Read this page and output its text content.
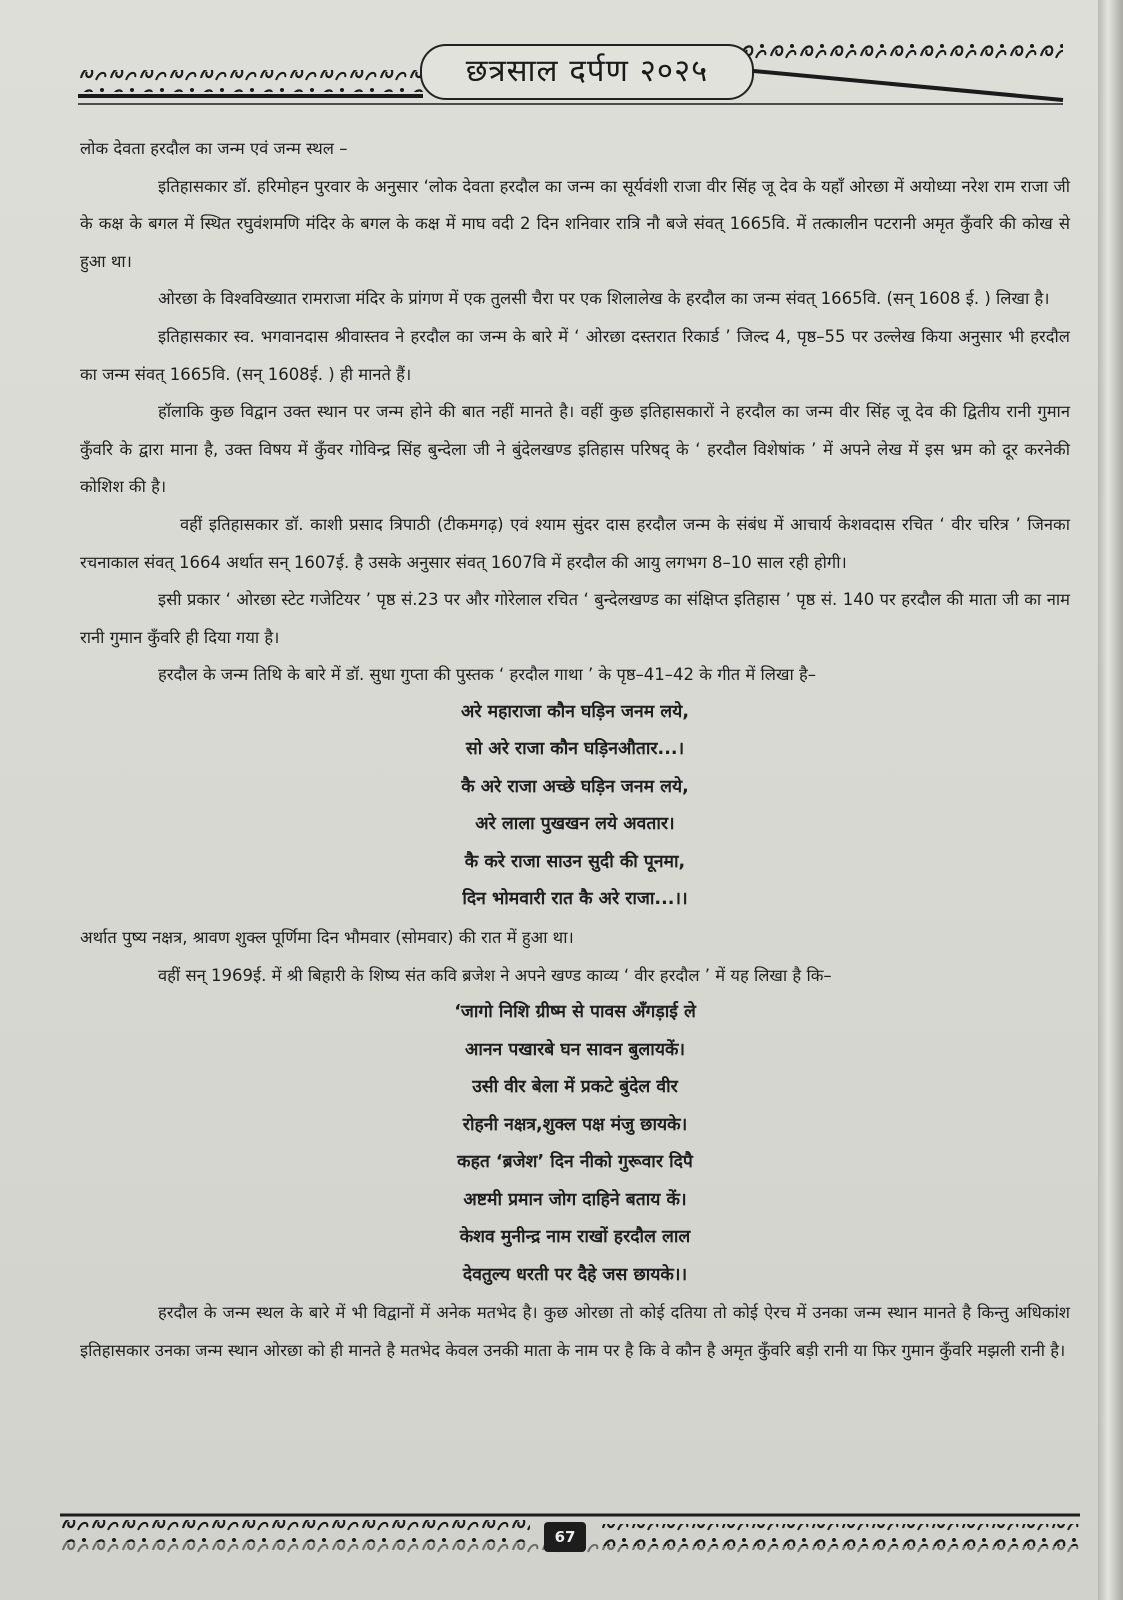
छत्रसाल दर्पण २०२५

लोक देवता हरदौल का जन्म एवं जन्म स्थल –

इतिहासकार डॉ. हरिमोहन पुरवार के अनुसार ‘लोक देवता हरदौल का जन्म का सूर्यवंशी राजा वीर सिंह जू देव के यहाँ ओरछा में अयोध्या नरेश राम राजा जी के कक्ष के बगल में स्थित रघुवंशमणि मंदिर के बगल के कक्ष में माघ वदी 2 दिन शनिवार रात्रि नौ बजे संवत् 1665वि. में तत्कालीन पटरानी अमृत कुँवरि की कोख से हुआ था।

ओरछा के विश्वविख्यात रामराजा मंदिर के प्रांगण में एक तुलसी चैरा पर एक शिलालेख के हरदौल का जन्म संवत् 1665वि. (सन् 1608 ई. ) लिखा है।

इतिहासकार स्व. भगवानदास श्रीवास्तव ने हरदौल का जन्म के बारे में ‘ ओरछा दस्तरात रिकार्ड ’ जिल्द 4, पृष्ठ–55 पर उल्लेख किया अनुसार भी हरदौल का जन्म संवत् 1665वि. (सन् 1608ई. ) ही मानते हैं।

हॉलाकि कुछ विद्वान उक्त स्थान पर जन्म होने की बात नहीं मानते है। वहीं कुछ इतिहासकारों ने हरदौल का जन्म वीर सिंह जू देव की द्वितीय रानी गुमान कुँवरि के द्वारा माना है, उक्त विषय में कुँवर गोविन्द्र सिंह बुन्देला जी ने बुंदेलखण्ड इतिहास परिषद् के ‘ हरदौल विशेषांक ’ में अपने लेख में इस भ्रम को दूर करनेकी कोशिश की है।

वहीं इतिहासकार डॉ. काशी प्रसाद त्रिपाठी (टीकमगढ़) एवं श्याम सुंदर दास हरदौल जन्म के संबंध में आचार्य केशवदास रचित ‘ वीर चरित्र ’ जिनका रचनाकाल संवत् 1664 अर्थात सन् 1607ई. है उसके अनुसार संवत् 1607वि में हरदौल की आयु लगभग 8–10 साल रही होगी।

इसी प्रकार ‘ ओरछा स्टेट गजेटियर ’ पृष्ठ सं.23 पर और गोरेलाल रचित ‘ बुन्देलखण्ड का संक्षिप्त इतिहास ’ पृष्ठ सं. 140 पर हरदौल की माता जी का नाम रानी गुमान कुँवरि ही दिया गया है।

हरदौल के जन्म तिथि के बारे में डॉ. सुधा गुप्ता की पुस्तक ‘ हरदौल गाथा ’ के पृष्ठ–41–42 के गीत में लिखा है–

अरे महाराजा कौन घड़िन जनम लये,
सो अरे राजा कौन घड़िनऔतार...।
कै अरे राजा अच्छे घड़िन जनम लये,
अरे लाला पुखखन लये अवतार।
कै करे राजा साउन सुदी की पूनमा,
दिन भोमवारी रात कै अरे राजा...।।

अर्थात पुष्य नक्षत्र, श्रावण शुक्ल पूर्णिमा दिन भौमवार (सोमवार) की रात में हुआ था।

वहीं सन् 1969ई. में श्री बिहारी के शिष्य संत कवि ब्रजेश ने अपने खण्ड काव्य ‘ वीर हरदौल ’ में यह लिखा है कि–

‘जागो निशि ग्रीष्म से पावस अँगड़ाई ले
आनन पखारबे घन सावन बुलायकें।
उसी वीर बेला में प्रकटे बुंदेल वीर
रोहनी नक्षत्र,शुक्ल पक्ष मंजु छायके।
कहत ‘ब्रजेश’ दिन नीको गुरूवार दिपै
अष्टमी प्रमान जोग दाहिने बताय कें।
केशव मुनीन्द्र नाम राखों हरदौल लाल
देवतुल्य धरती पर दैहे जस छायके।।

हरदौल के जन्म स्थल के बारे में भी विद्वानों में अनेक मतभेद है। कुछ ओरछा तो कोई दतिया तो कोई ऐरच में उनका जन्म स्थान मानते है किन्तु अधिकांश इतिहासकार उनका जन्म स्थान ओरछा को ही मानते है मतभेद केवल उनकी माता के नाम पर है कि वे कौन है अमृत कुँवरि बड़ी रानी या फिर गुमान कुँवरि मझली रानी है।

67
